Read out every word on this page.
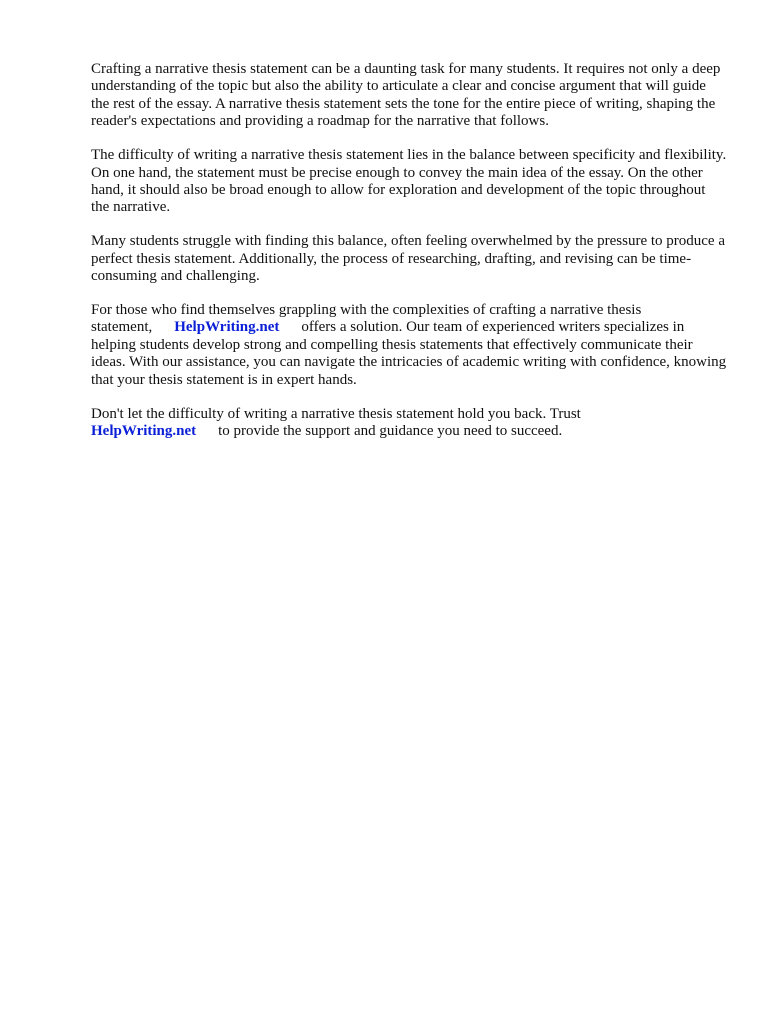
Crafting a narrative thesis statement can be a daunting task for many students. It requires not only a deep understanding of the topic but also the ability to articulate a clear and concise argument that will guide the rest of the essay. A narrative thesis statement sets the tone for the entire piece of writing, shaping the reader's expectations and providing a roadmap for the narrative that follows.

The difficulty of writing a narrative thesis statement lies in the balance between specificity and flexibility. On one hand, the statement must be precise enough to convey the main idea of the essay. On the other hand, it should also be broad enough to allow for exploration and development of the topic throughout the narrative.

Many students struggle with finding this balance, often feeling overwhelmed by the pressure to produce a perfect thesis statement. Additionally, the process of researching, drafting, and revising can be time-consuming and challenging.

For those who find themselves grappling with the complexities of crafting a narrative thesis statement, HelpWriting.net offers a solution. Our team of experienced writers specializes in helping students develop strong and compelling thesis statements that effectively communicate their ideas. With our assistance, you can navigate the intricacies of academic writing with confidence, knowing that your thesis statement is in expert hands.

Don't let the difficulty of writing a narrative thesis statement hold you back. Trust
HelpWriting.net to provide the support and guidance you need to succeed.
